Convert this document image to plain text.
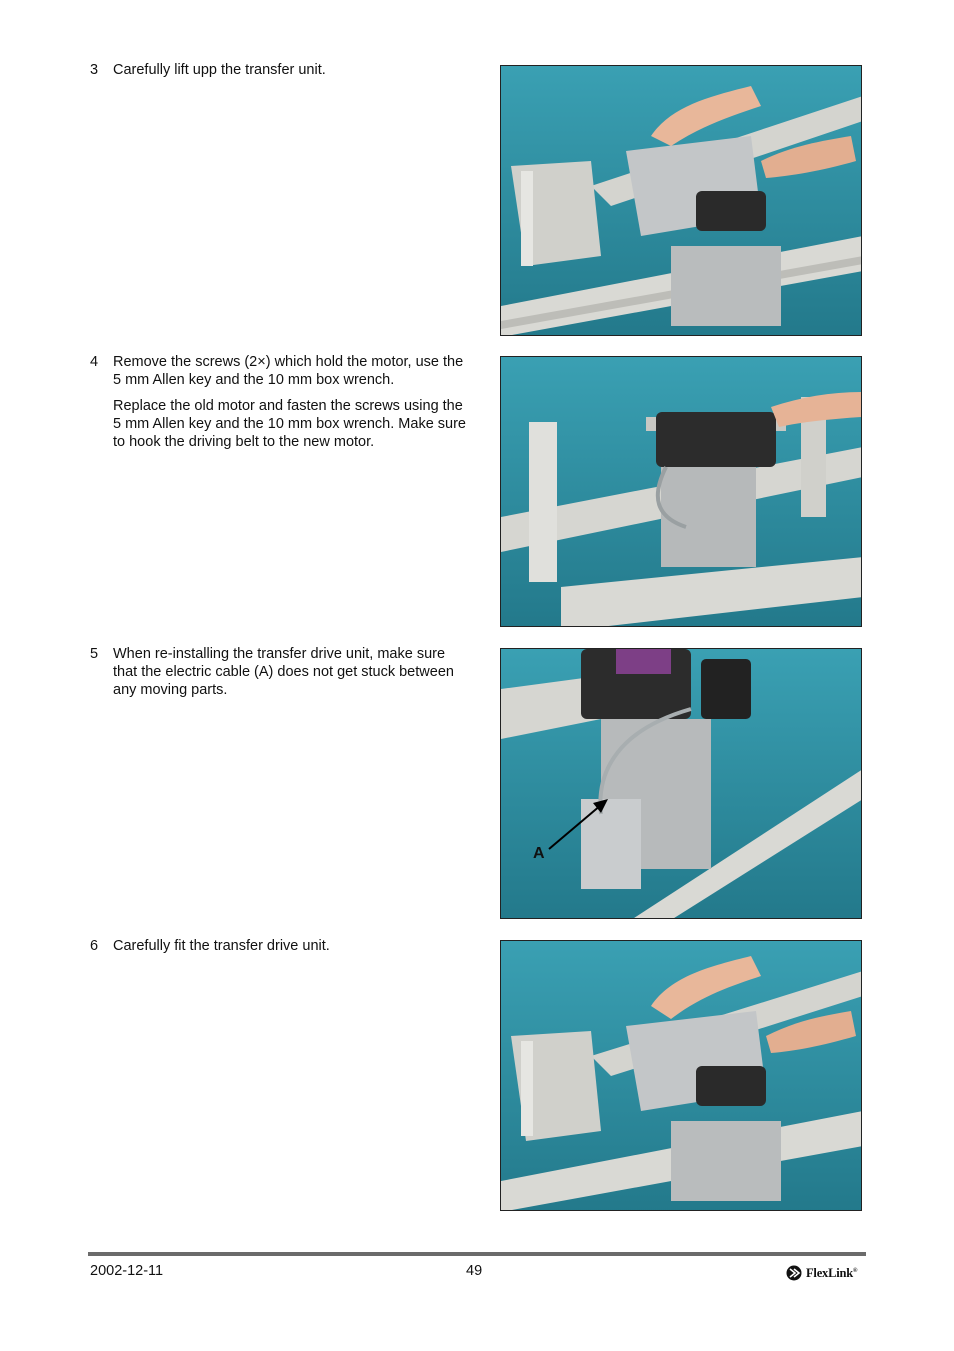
3 Carefully lift upp the transfer unit.

4 Remove the screws (2×) which hold the motor, use the 5 mm Allen key and the 10 mm box wrench.

Replace the old motor and fasten the screws using the 5 mm Allen key and the 10 mm box wrench. Make sure to hook the driving belt to the new motor.

5 When re-installing the transfer drive unit, make sure that the electric cable (A) does not get stuck between any moving parts.

6 Carefully fit the transfer drive unit.

A
2002-12-11	49	FlexLink®
